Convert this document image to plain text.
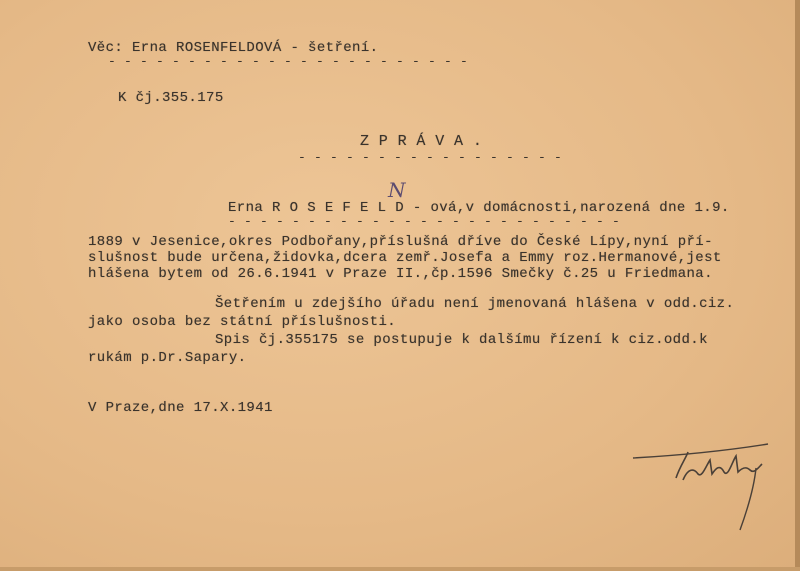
Věc: Erna ROSENFELDOVÁ - šetření.
- - - - - - - - - - - - - - - - - - - - - - -
K čj.355.175
Z P R Á V A .
- - - - - - - - - - - - - - - - -
N
Erna R O S E F E L D - ová,v domácnosti,narozená dne 1.9.
- - - - - - - - - - - - - - - - - - - - - - - - -
1889 v Jesenice,okres Podbořany,příslušná dříve do České Lípy,nyní pří-
slušnost bude určena,židovka,dcera zemř.Josefa a Emmy roz.Hermanové,jest
hlášena bytem od 26.6.1941 v Praze II.,čp.1596 Smečky č.25 u Friedmana.
Šetřením u zdejšího úřadu není jmenovaná hlášena v odd.ciz.
jako osoba bez státní příslušnosti.
Spis čj.355175 se postupuje k dalšímu řízení k ciz.odd.k
rukám p.Dr.Sapary.
V Praze,dne 17.X.1941
